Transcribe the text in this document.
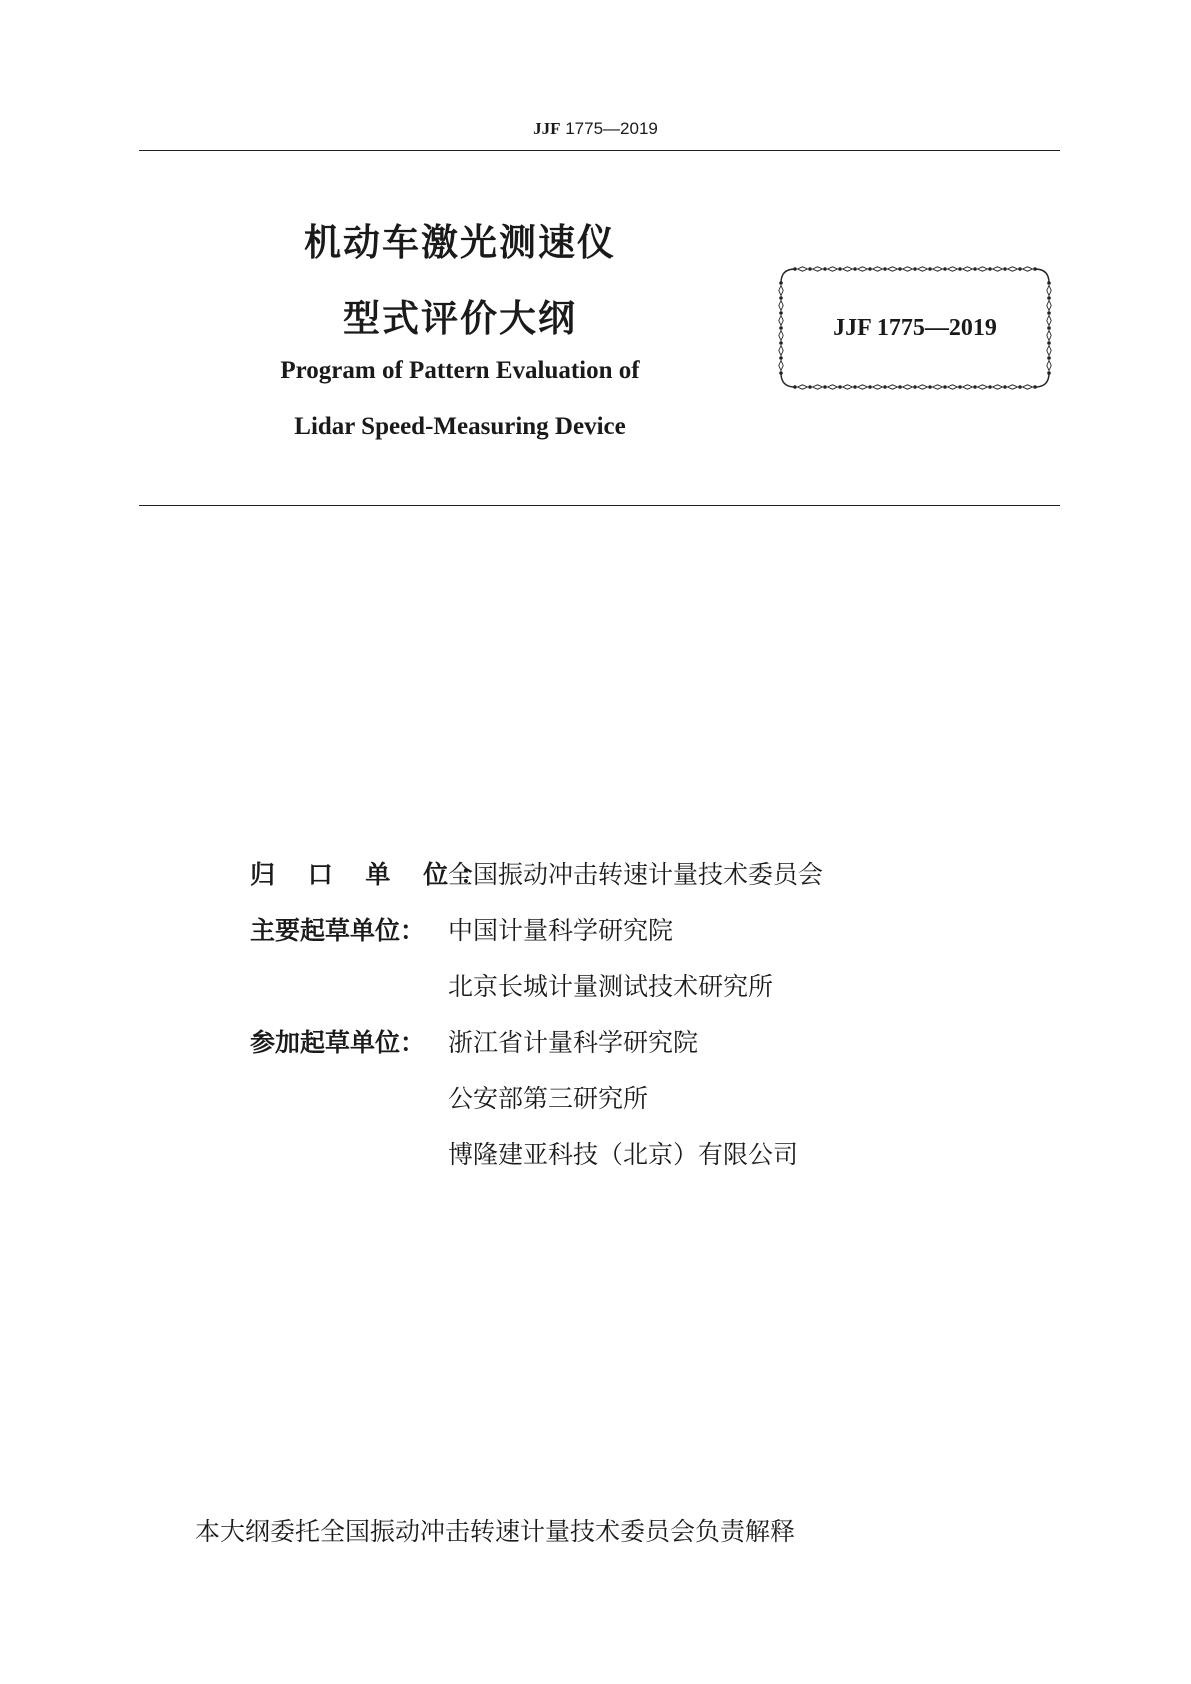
JJF 1775—2019
机动车激光测速仪
型式评价大纲
Program of Pattern Evaluation of
Lidar Speed-Measuring Device
JJF 1775—2019
归 口 单 位：
全国振动冲击转速计量技术委员会
主要起草单位： 中国计量科学研究院
北京长城计量测试技术研究所
参加起草单位： 浙江省计量科学研究院
公安部第三研究所
博隆建亚科技（北京）有限公司
本大纲委托全国振动冲击转速计量技术委员会负责解释
